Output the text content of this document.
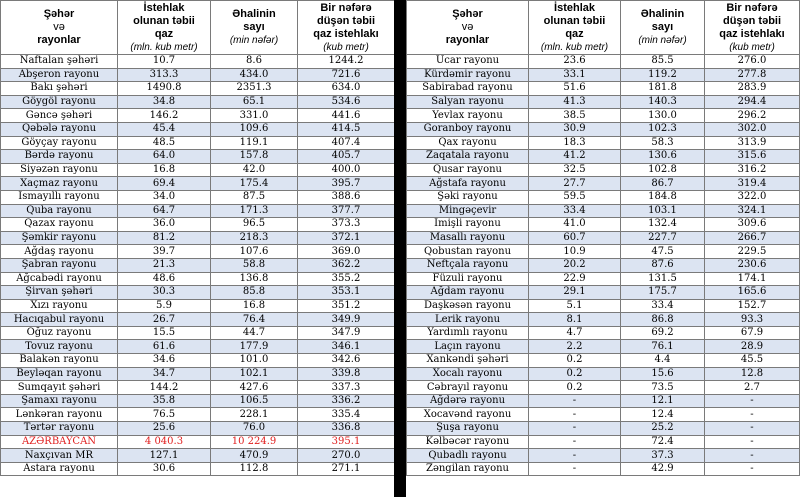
Şəhər
və
rayonlar	İstehlak
olunan təbii
qaz
(mln. kub metr)	Əhalinin
sayı
(min nəfər)	Bir nəfərə
düşən təbii
qaz istehlakı
(kub metr)

Naftalan şəhəri	10.7	8.6	1244.2
Abşeron rayonu	313.3	434.0	721.6
Bakı şəhəri	1490.8	2351.3	634.0
Göygöl rayonu	34.8	65.1	534.6
Gəncə şəhəri	146.2	331.0	441.6
Qəbələ rayonu	45.4	109.6	414.5
Göyçay rayonu	48.5	119.1	407.4
Bərdə rayonu	64.0	157.8	405.7
Siyəzən rayonu	16.8	42.0	400.0
Xaçmaz rayonu	69.4	175.4	395.7
İsmayıllı rayonu	34.0	87.5	388.6
Quba rayonu	64.7	171.3	377.7
Qazax rayonu	36.0	96.5	373.3
Şəmkir rayonu	81.2	218.3	372.1
Ağdaş rayonu	39.7	107.6	369.0
Şabran rayonu	21.3	58.8	362.2
Ağcabədi rayonu	48.6	136.8	355.2
Şirvan şəhəri	30.3	85.8	353.1
Xızı rayonu	5.9	16.8	351.2
Hacıqabul rayonu	26.7	76.4	349.9
Oğuz rayonu	15.5	44.7	347.9
Tovuz rayonu	61.6	177.9	346.1
Balakən rayonu	34.6	101.0	342.6
Beyləqan rayonu	34.7	102.1	339.8
Sumqayıt şəhəri	144.2	427.6	337.3
Şamaxı rayonu	35.8	106.5	336.2
Lənkəran rayonu	76.5	228.1	335.4
Tərtər rayonu	25.6	76.0	336.8
AZƏRBAYCAN	4 040.3	10 224.9	395.1
Naxçıvan MR	127.1	470.9	270.0
Astara rayonu	30.6	112.8	271.1
Şəhər
və
rayonlar	İstehlak
olunan təbii
qaz
(mln. kub metr)	Əhalinin
sayı
(min nəfər)	Bir nəfərə
düşən təbii
qaz istehlakı
(kub metr)

Ucar rayonu	23.6	85.5	276.0
Kürdəmir rayonu	33.1	119.2	277.8
Sabirabad rayonu	51.6	181.8	283.9
Salyan rayonu	41.3	140.3	294.4
Yevlax rayonu	38.5	130.0	296.2
Goranboy rayonu	30.9	102.3	302.0
Qax rayonu	18.3	58.3	313.9
Zaqatala rayonu	41.2	130.6	315.6
Qusar rayonu	32.5	102.8	316.2
Ağstafa rayonu	27.7	86.7	319.4
Şəki rayonu	59.5	184.8	322.0
Mingəçevir	33.4	103.1	324.1
İmişli rayonu	41.0	132.4	309.6
Masallı rayonu	60.7	227.7	266.7
Qobustan rayonu	10.9	47.5	229.5
Neftçala rayonu	20.2	87.6	230.6
Füzuli rayonu	22.9	131.5	174.1
Ağdam rayonu	29.1	175.7	165.6
Daşkəsən rayonu	5.1	33.4	152.7
Lerik rayonu	8.1	86.8	93.3
Yardımlı rayonu	4.7	69.2	67.9
Laçın rayonu	2.2	76.1	28.9
Xankəndi şəhəri	0.2	4.4	45.5
Xocalı rayonu	0.2	15.6	12.8
Cəbrayıl rayonu	0.2	73.5	2.7
Ağdərə rayonu	-	12.1	-
Xocavənd rayonu	-	12.4	-
Şuşa rayonu	-	25.2	-
Kəlbəcər rayonu	-	72.4	-
Qubadlı rayonu	-	37.3	-
Zəngilan rayonu	-	42.9	-
